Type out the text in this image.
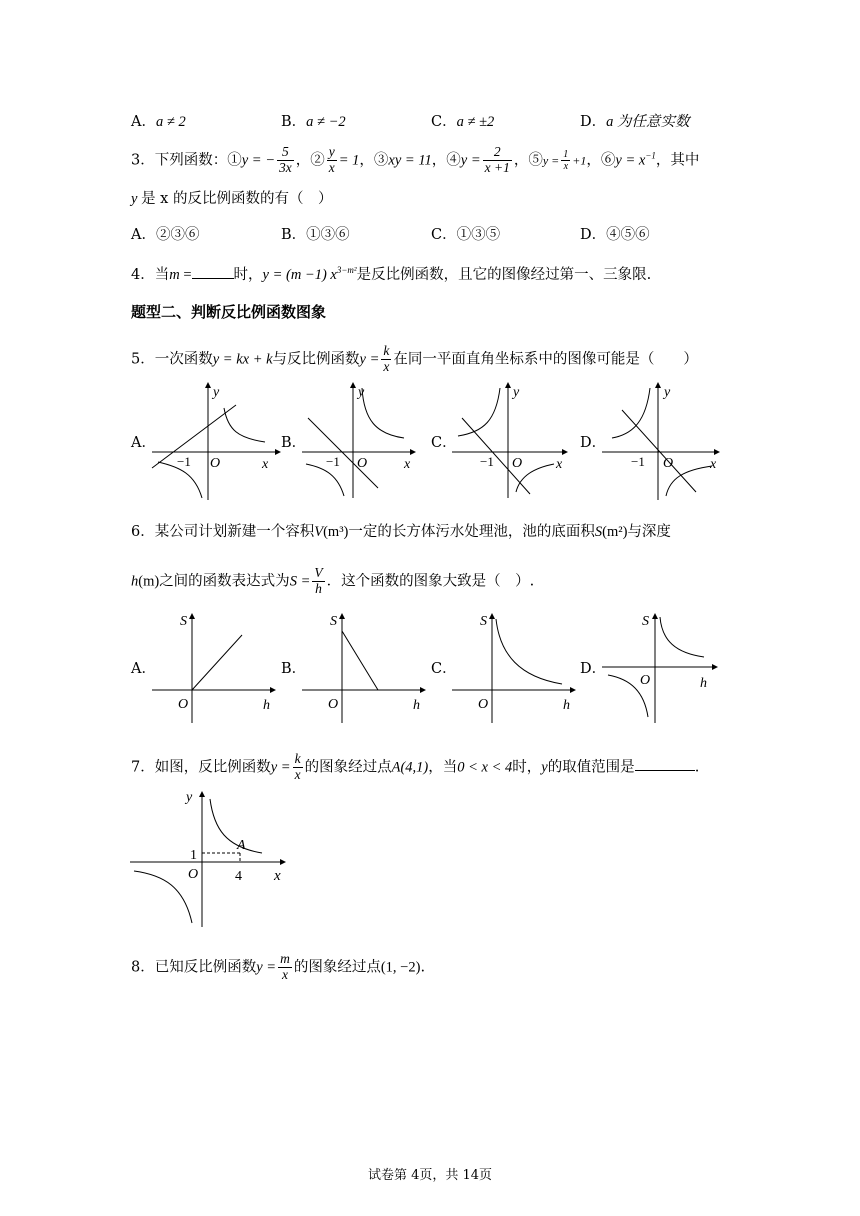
A．a ≠ 2	B．a ≠ −2	C．a ≠ ±2	D．a 为任意实数
3．下列函数：①y = − $\frac{5}{3x}$ ，② $\frac{y}{x} = 1$，③xy = 11，④y = $\frac{2}{x +1}$ ，⑤y = $\frac{1}{x} +1$，⑥y = $x^{-1}$，其中
y 是 x 的反比例函数的有（　）
A．②③⑥	B．①③⑥	C．①③⑤	D．④⑤⑥
4．当m =	时，y = (m −1) $x^{3-m^2}$是反比例函数，且它的图像经过第一、三象限.
题型二、判断反比例函数图象
5．一次函数y = kx + k与反比例函数$y = \frac{k}{x}$ 在同一平面直角坐标系中的图像可能是（　　）
A．	B．	C．	D．
y
x
O
−1
y
x
O
−1
y
x
O
−1
y
x
O
−1
6．某公司计划新建一个容积V(m³)一定的长方体污水处理池，池的底面积S(m²)与深度
h(m)之间的函数表达式为$S = \frac{V}{h}$ ．这个函数的图象大致是（　）.
A．	B．	C．	D．
S
h
O
S
h
O
S
h
O
S
h
O
7．如图，反比例函数$y = \frac{k}{x}$ 的图象经过点A(4,1)，当0 < x < 4时，y的取值范围是	.
y
x
O
1
4
A
8．已知反比例函数$y = \frac{m}{x}$ 的图象经过点(1, −2).
试卷第 4页，共 14页
